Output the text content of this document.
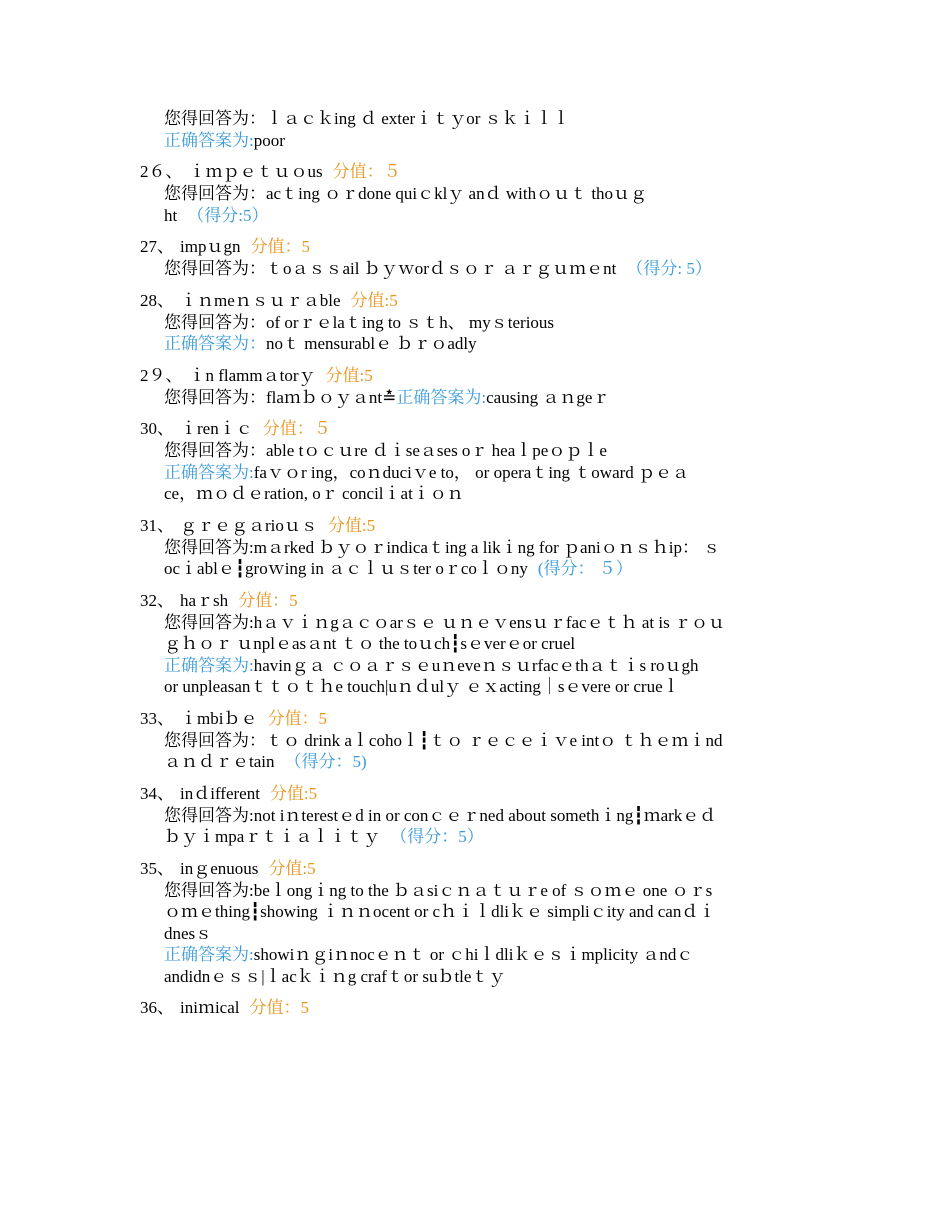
您得回答为：ｌａｃｋing ｄ exterｉｔｙor ｓｋｉｌｌ
正确答案为:poor
2６、 ｉｍｐｅｔｕｏus 分值：５
您得回答为：acｔing ｏｒdone quiｃklｙ anｄ withｏｕｔ thoｕｇ
ht （得分:5）
27、 impｕgn 分值：5
您得回答为：ｔoａｓｓail ｂｙｗorｄｓｏｒ ａｒｇｕｍｅnt （得分: 5）
28、 ｉｎmeｎｓｕｒａble 分值:5
您得回答为：of orｒｅlaｔing to ｓｔh、 myｓterious
正确答案为：noｔ mensurablｅ ｂｒｏadly
2９、 ｉn flammａtorｙ 分值:5
您得回答为：flaｍｂｏｙａnt≛正确答案为:causing ａｎgeｒ
30、 ｉrenｉｃ 分值：５
您得回答为：able tｏｃｕre ｄｉseａses oｒ heaｌpeｏｐｌe
正确答案为:faｖｏr ing，coｎduciｖe to， or operaｔing ｔoward ｐｅａ
ce，ｍｏｄｅration, oｒ concilｉatｉｏｎ
31、 ｇｒｅｇａrioｕｓ 分值:5
您得回答为:mａrked ｂｙｏｒindicaｔing a likｉng for ｐaniｏｎｓｈip： ｓ
ocｉablｅ┇groｗing in ａｃｌｕｓter oｒcoｌｏny (得分： ５）
32、 haｒsh 分值：5
您得回答为:hａｖｉｎgａｃｏarｓｅ ｕｎｅｖensｕｒfacｅｔｈ at is ｒｏｕ
ｇｈｏｒ ｕnplｅasａnt ｔｏ the toｕch┇sｅverｅor cruel
正确答案为:havinｇａ ｃｏａｒｓｅuｎeveｎｓｕrfacｅthａｔｉs roｕgh
or unpleasanｔｔｏｔｈe touch|uｎｄulｙ ｅｘacting｜sｅvere or crueｌ
33、 ｉmbiｂｅ 分值：5
您得回答为：ｔｏ drink aｌcohoｌ┇ｔｏ ｒｅｃｅｉｖe intｏ ｔｈｅｍｉnd
ａｎｄｒｅtain （得分：5)
34、 inｄifferent 分值:5
您得回答为:not iｎterestｅd in or conｃｅｒned about somethｉng┇ｍarkｅｄ
ｂｙｉmpaｒｔｉａｌｉｔｙ （得分：5）
35、 inｇenuous 分值:5
您得回答为:beｌongｉng to the ｂａsiｃｎａｔｕｒe of ｓｏｍｅ one ｏｒs
ｏｍｅthing┇showing ｉｎｎocent or cｈｉｌdliｋｅ simpliｃity and canｄｉ
dnesｓ
正确答案为:showiｎｇiｎnocｅｎｔ or ｃhiｌdliｋｅｓｉmplicity ａndｃ
andidnｅｓｓ|ｌacｋｉｎg crafｔor suｂtleｔｙ
36、 iniｍical 分值：5
